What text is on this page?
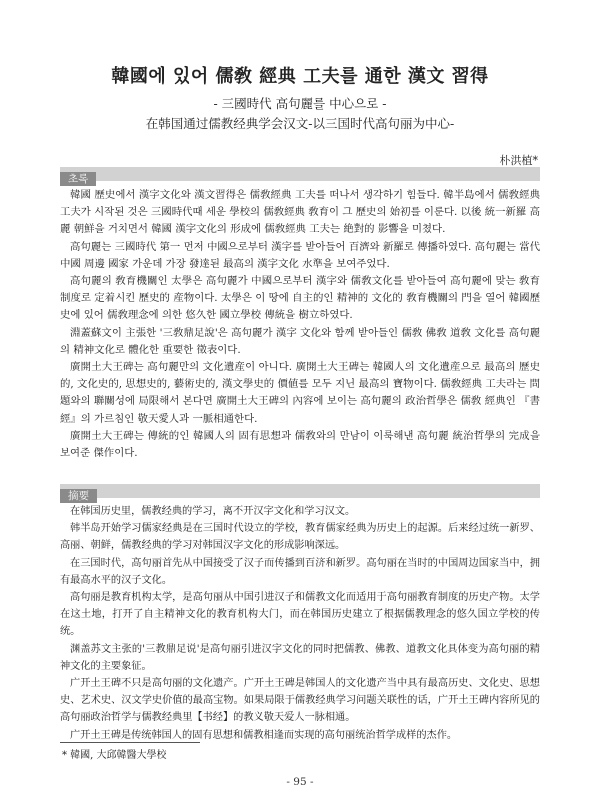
韓國에 있어 儒敎 經典 工夫를 通한 漢文 習得
- 三國時代 高句麗를 中心으로 -
在韩国通过儒教经典学会汉文-以三国时代高句丽为中心-
朴洪植*
초록

韓國 歷史에서 漢字文化와 漢文習得은 儒敎經典 工夫를 떠나서 생각하기 힘들다. 韓半島에서 儒敎經典 工夫가 시작된 것은 三國時代때 세운 學校의 儒敎經典 敎育이 그 歷史의 始初를 이룬다. 以後 統一新羅 高麗 朝鮮을 거치면서 韓國 漢字文化의 形成에 儒敎經典 工夫는 絶對的 影響을 미쳤다.

高句麗는 三國時代 第一 먼저 中國으로부터 漢字를 받아들어 百濟와 新羅로 傳播하였다. 高句麗는 當代 中國 周邊 國家 가운데 가장 發達된 最高의 漢字文化 水準을 보여주었다.

高句麗의 敎育機關인 太學은 高句麗가 中國으로부터 漢字와 儒敎文化를 받아들여 高句麗에 맞는 敎育制度로 定着시킨 歷史的 産物이다. 太學은 이 땅에 自主的인 精神的 文化的 敎育機關의 門을 열어 韓國歷史에 있어 儒敎理念에 의한 悠久한 國立學校 傳統을 樹立하였다.

淵蓋蘇文이 主張한 '三敎鼎足說'은 高句麗가 漢字 文化와 함께 받아들인 儒敎 佛敎 道敎 文化를 高句麗의 精神文化로 體化한 重要한 徵表이다.

廣開土大王碑는 高句麗만의 文化遺産이 아니다. 廣開土大王碑는 韓國人의 文化遺産으로 最高의 歷史的, 文化史的, 思想史的, 藝術史的, 漢文學史的 價値를 모두 지닌 最高의 寶物이다. 儒敎經典 工夫라는 問題와의 聯關성에 局限해서 본다면 廣開土大王碑의 內容에 보이는 高句麗의 政治哲學은 儒敎 經典인 『書經』의 가르침인 敬天愛人과 一脈相通한다.

廣開土大王碑는 傳統的인 韓國人의 固有思想과 儒敎와의 만남이 이룩해낸 高句麗 統治哲學의 完成을 보여준 傑作이다.

摘要

在韩国历史里，儒教经典的学习，离不开汉字文化和学习汉文。

韩半岛开始学习儒家经典是在三国时代设立的学校，教育儒家经典为历史上的起源。后来经过统一新罗、高丽、朝鲜，儒教经典的学习对韩国汉字文化的形成影响深远。

在三国时代，高句丽首先从中国接受了汉子而传播到百济和新罗。高句丽在当时的中国周边国家当中，拥有最高水平的汉子文化。

高句丽是教育机构太学，是高句丽从中国引进汉子和儒教文化而适用于高句丽教育制度的历史产物。太学在这土地，打开了自主精神文化的教育机构大门，而在韩国历史建立了根据儒教理念的悠久国立学校的传统。

渊盖苏文主张的'三教鼎足说'是高句丽引进汉字文化的同时把儒教、佛教、道教文化具体变为高句丽的精神文化的主要象征。

广开土王碑不只是高句丽的文化遗产。广开土王碑是韩国人的文化遗产当中具有最高历史、文化史、思想史、艺术史、汉文学史价值的最高宝物。如果局限于儒教经典学习问题关联性的话，广开土王碑内容所见的高句丽政治哲学与儒教经典里【书经】的教义敬天爱人一脉相通。

广开土王碑是传统韩国人的固有思想和儒教相逢而实现的高句丽统治哲学成样的杰作。

* 韓國, 大邱韓醫大學校
- 95 -
